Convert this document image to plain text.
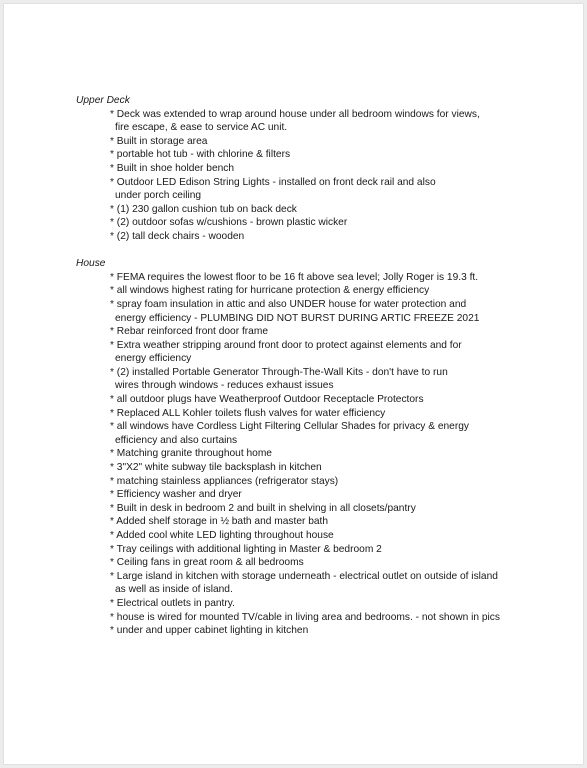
Upper Deck

* Deck was extended to wrap around house under all bedroom windows for views,
fire escape, & ease to service AC unit.
* Built in storage area
* portable hot tub - with chlorine & filters
* Built in shoe holder bench
* Outdoor LED Edison String Lights - installed on front deck rail and also
under porch ceiling
* (1) 230 gallon cushion tub on back deck
* (2) outdoor sofas w/cushions - brown plastic wicker
* (2) tall deck chairs - wooden

House

* FEMA requires the lowest floor to be 16 ft above sea level; Jolly Roger is 19.3 ft.
* all windows highest rating for hurricane protection & energy efficiency
* spray foam insulation in attic and also UNDER house for water protection and
energy efficiency - PLUMBING DID NOT BURST DURING ARTIC FREEZE 2021
* Rebar reinforced front door frame
* Extra weather stripping around front door to protect against elements and for
energy efficiency
* (2) installed Portable Generator Through-The-Wall Kits - don't have to run
wires through windows - reduces exhaust issues
* all outdoor plugs have Weatherproof Outdoor Receptacle Protectors
* Replaced ALL Kohler toilets flush valves for water efficiency
* all windows have Cordless Light Filtering Cellular Shades for privacy & energy
efficiency and also curtains
* Matching granite throughout home
* 3"X2" white subway tile backsplash in kitchen
* matching stainless appliances (refrigerator stays)
* Efficiency washer and dryer
* Built in desk in bedroom 2 and built in shelving in all closets/pantry
* Added shelf storage in ½ bath and master bath
* Added cool white LED lighting throughout house
* Tray ceilings with additional lighting in Master & bedroom 2
* Ceiling fans in great room & all bedrooms
* Large island in kitchen with storage underneath - electrical outlet on outside of island
as well as inside of island.
* Electrical outlets in pantry.
* house is wired for mounted TV/cable in living area and bedrooms. - not shown in pics
* under and upper cabinet lighting in kitchen
